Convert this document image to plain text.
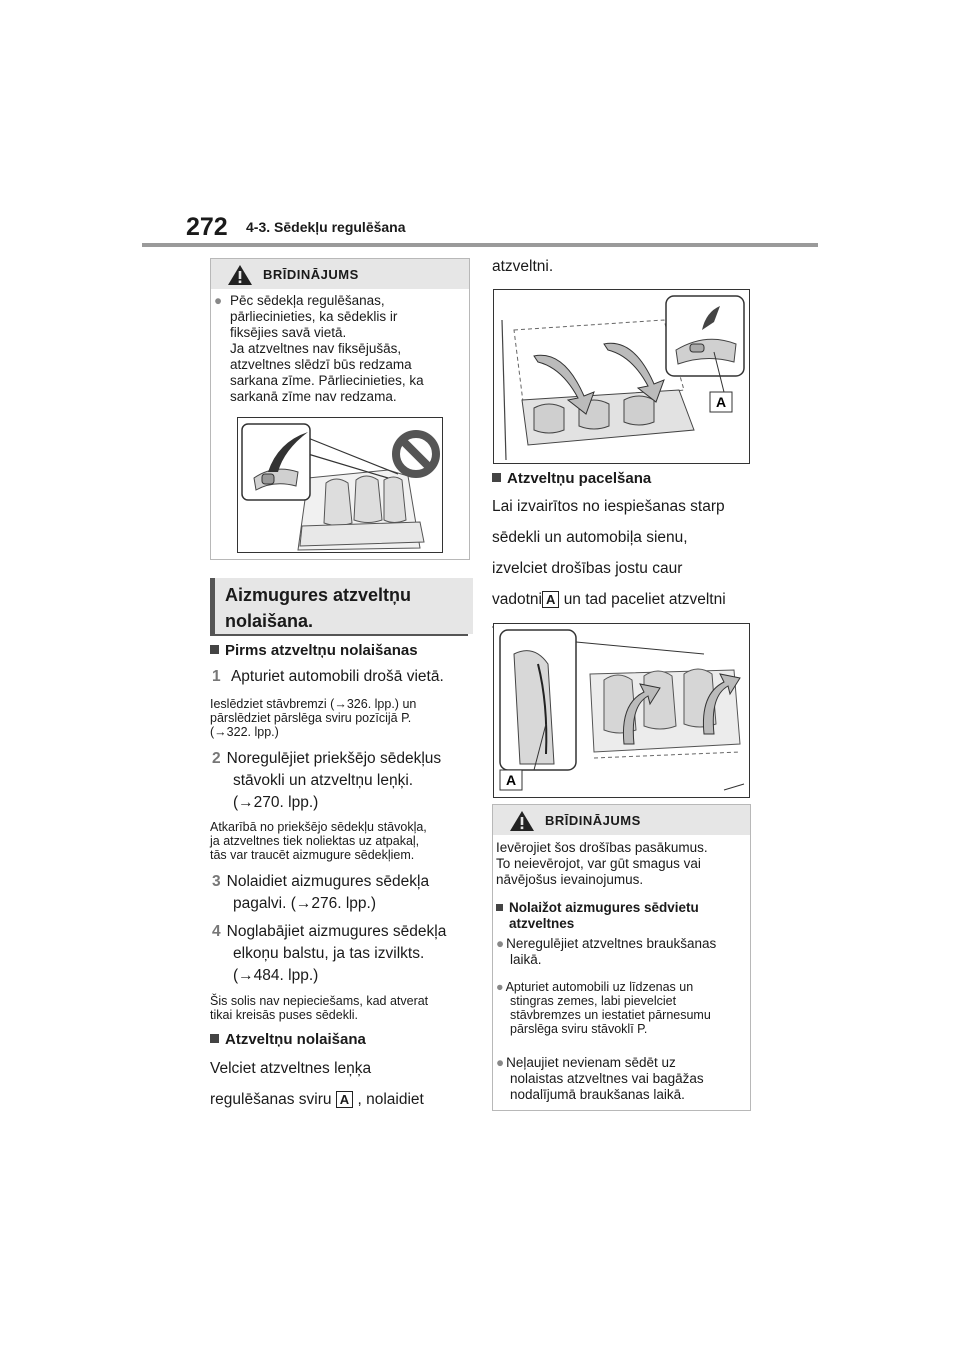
272 4-3. Sēdekļu regulēšana
BRĪDINĀJUMS
● Pēc sēdekļa regulēšanas,
pārliecinieties, ka sēdeklis ir
fiksējies savā vietā.
Ja atzveltnes nav fiksējušās,
atzveltnes slēdzī būs redzama
sarkana zīme. Pārliecinieties, ka
sarkanā zīme nav redzama.
Aizmugures atzveltņu
nolaišana.
Pirms atzveltņu nolaišanas
1 Apturiet automobili drošā vietā.
Ieslēdziet stāvbremzi (→326. lpp.) un
pārslēdziet pārslēga sviru pozīcijā P.
(→322. lpp.)
2 Noregulējiet priekšējo sēdekļus
stāvokli un atzveltņu leņķi.
(→270. lpp.)
Atkarībā no priekšējo sēdekļu stāvokļa,
ja atzveltnes tiek noliektas uz atpakaļ,
tās var traucēt aizmugure sēdekļiem.
3 Nolaidiet aizmugures sēdekļa
pagalvi. (→276. lpp.)
4 Noglabājiet aizmugures sēdekļa
elkoņu balstu, ja tas izvilkts.
(→484. lpp.)
Šis solis nav nepieciešams, kad atverat
tikai kreisās puses sēdekli.
Atzveltņu nolaišana
Velciet atzveltnes leņķa
regulēšanas sviru A , nolaidiet
atzveltni.
A
Atzveltņu pacelšana
Lai izvairītos no iespiešanas starp
sēdekli un automobiļa sienu,
izvelciet drošības jostu caur
vadotni A un tad paceliet atzveltni
A
BRĪDINĀJUMS
Ievērojiet šos drošības pasākumus.
To neievērojot, var gūt smagus vai
nāvējošus ievainojumus.
Nolaižot aizmugures sēdvietu
atzveltnes
● Neregulējiet atzveltnes braukšanas
laikā.
● Apturiet automobili uz līdzenas un
stingras zemes, labi pievelciet
stāvbremzes un iestatiet pārnesumu
pārslēga sviru stāvoklī P.
● Neļaujiet nevienam sēdēt uz
nolaistas atzveltnes vai bagāžas
nodalījumā braukšanas laikā.
